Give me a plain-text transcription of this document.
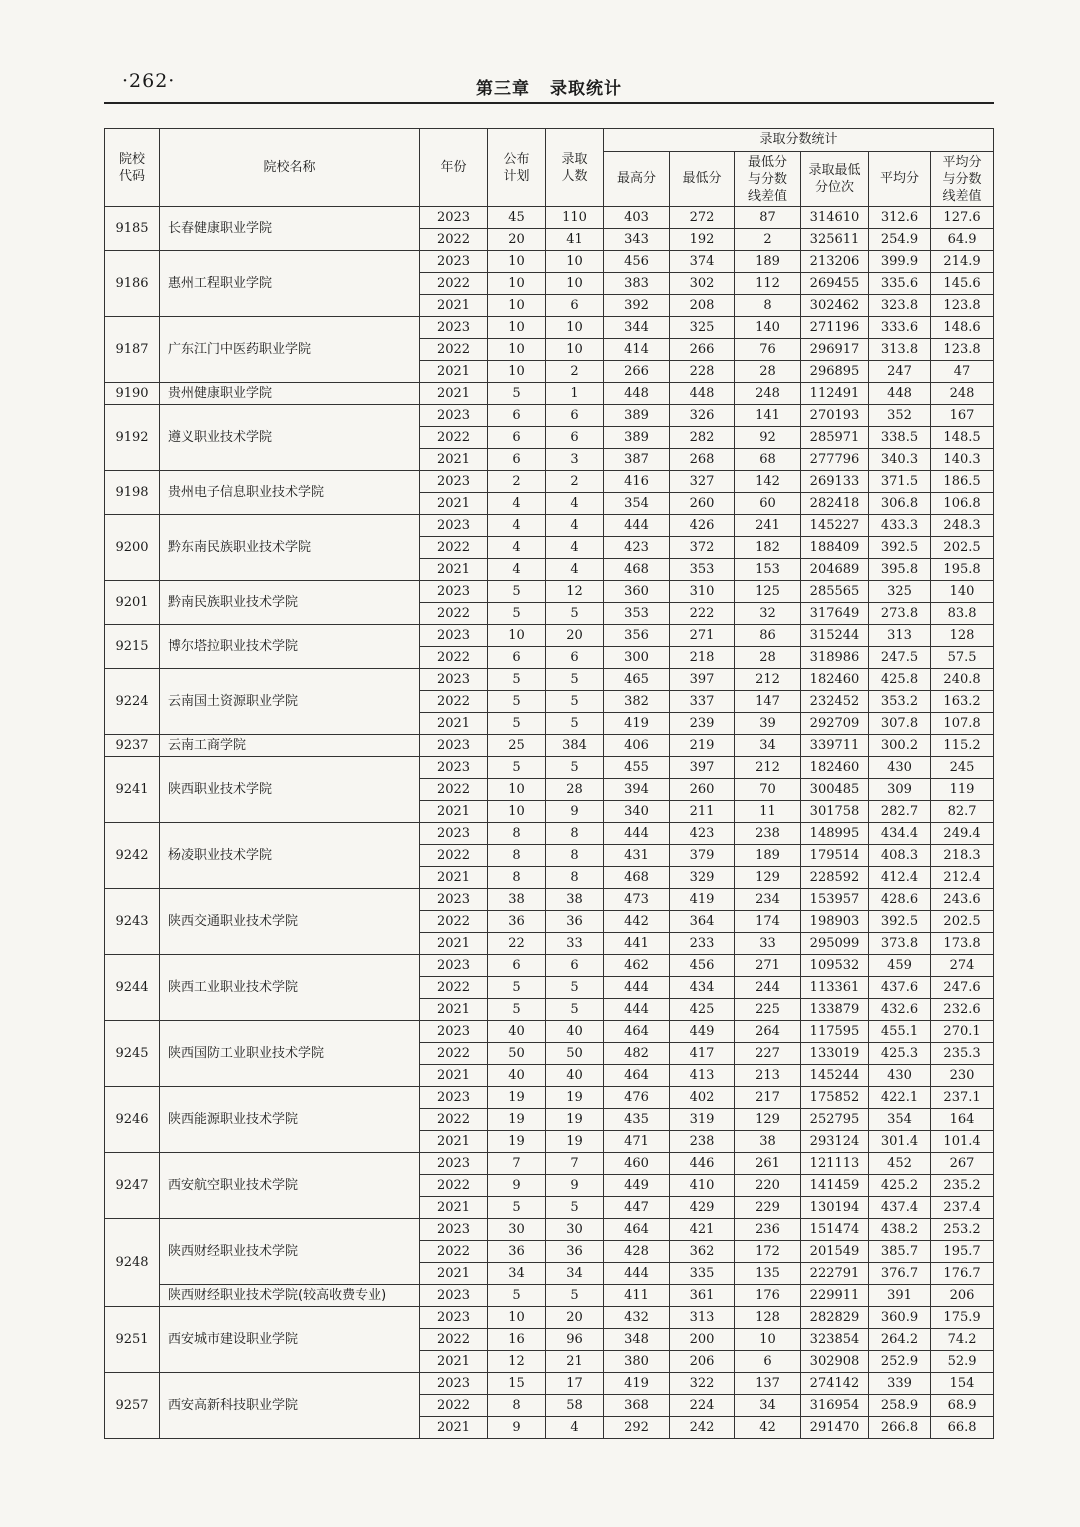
·262·	第三章 录取统计
院校代码	院校名称	年份	公布计划	录取人数	录取分数统计					
					最高分	最低分	最低分与分数线差值	录取最低分位次	平均分	平均分与分数线差值
9185	长春健康职业学院	2023	45	110	403	272	87	314610	312.6	127.6
		2022	20	41	343	192	2	325611	254.9	64.9
9186	惠州工程职业学院	2023	10	10	456	374	189	213206	399.9	214.9
		2022	10	10	383	302	112	269455	335.6	145.6
		2021	10	6	392	208	8	302462	323.8	123.8
9187	广东江门中医药职业学院	2023	10	10	344	325	140	271196	333.6	148.6
		2022	10	10	414	266	76	296917	313.8	123.8
		2021	10	2	266	228	28	296895	247	47
9190	贵州健康职业学院	2021	5	1	448	448	248	112491	448	248
9192	遵义职业技术学院	2023	6	6	389	326	141	270193	352	167
		2022	6	6	389	282	92	285971	338.5	148.5
		2021	6	3	387	268	68	277796	340.3	140.3
9198	贵州电子信息职业技术学院	2023	2	2	416	327	142	269133	371.5	186.5
		2021	4	4	354	260	60	282418	306.8	106.8
9200	黔东南民族职业技术学院	2023	4	4	444	426	241	145227	433.3	248.3
		2022	4	4	423	372	182	188409	392.5	202.5
		2021	4	4	468	353	153	204689	395.8	195.8
9201	黔南民族职业技术学院	2023	5	12	360	310	125	285565	325	140
		2022	5	5	353	222	32	317649	273.8	83.8
9215	博尔塔拉职业技术学院	2023	10	20	356	271	86	315244	313	128
		2022	6	6	300	218	28	318986	247.5	57.5
9224	云南国土资源职业学院	2023	5	5	465	397	212	182460	425.8	240.8
		2022	5	5	382	337	147	232452	353.2	163.2
		2021	5	5	419	239	39	292709	307.8	107.8
9237	云南工商学院	2023	25	384	406	219	34	339711	300.2	115.2
9241	陕西职业技术学院	2023	5	5	455	397	212	182460	430	245
		2022	10	28	394	260	70	300485	309	119
		2021	10	9	340	211	11	301758	282.7	82.7
9242	杨凌职业技术学院	2023	8	8	444	423	238	148995	434.4	249.4
		2022	8	8	431	379	189	179514	408.3	218.3
		2021	8	8	468	329	129	228592	412.4	212.4
9243	陕西交通职业技术学院	2023	38	38	473	419	234	153957	428.6	243.6
		2022	36	36	442	364	174	198903	392.5	202.5
		2021	22	33	441	233	33	295099	373.8	173.8
9244	陕西工业职业技术学院	2023	6	6	462	456	271	109532	459	274
		2022	5	5	444	434	244	113361	437.6	247.6
		2021	5	5	444	425	225	133879	432.6	232.6
9245	陕西国防工业职业技术学院	2023	40	40	464	449	264	117595	455.1	270.1
		2022	50	50	482	417	227	133019	425.3	235.3
		2021	40	40	464	413	213	145244	430	230
9246	陕西能源职业技术学院	2023	19	19	476	402	217	175852	422.1	237.1
		2022	19	19	435	319	129	252795	354	164
		2021	19	19	471	238	38	293124	301.4	101.4
9247	西安航空职业技术学院	2023	7	7	460	446	261	121113	452	267
		2022	9	9	449	410	220	141459	425.2	235.2
		2021	5	5	447	429	229	130194	437.4	237.4
9248	陕西财经职业技术学院	2023	30	30	464	421	236	151474	438.2	253.2
		2022	36	36	428	362	172	201549	385.7	195.7
		2021	34	34	444	335	135	222791	376.7	176.7
	陕西财经职业技术学院(较高收费专业)	2023	5	5	411	361	176	229911	391	206
9251	西安城市建设职业学院	2023	10	20	432	313	128	282829	360.9	175.9
		2022	16	96	348	200	10	323854	264.2	74.2
		2021	12	21	380	206	6	302908	252.9	52.9
9257	西安高新科技职业学院	2023	15	17	419	322	137	274142	339	154
		2022	8	58	368	224	34	316954	258.9	68.9
		2021	9	4	292	242	42	291470	266.8	66.8
